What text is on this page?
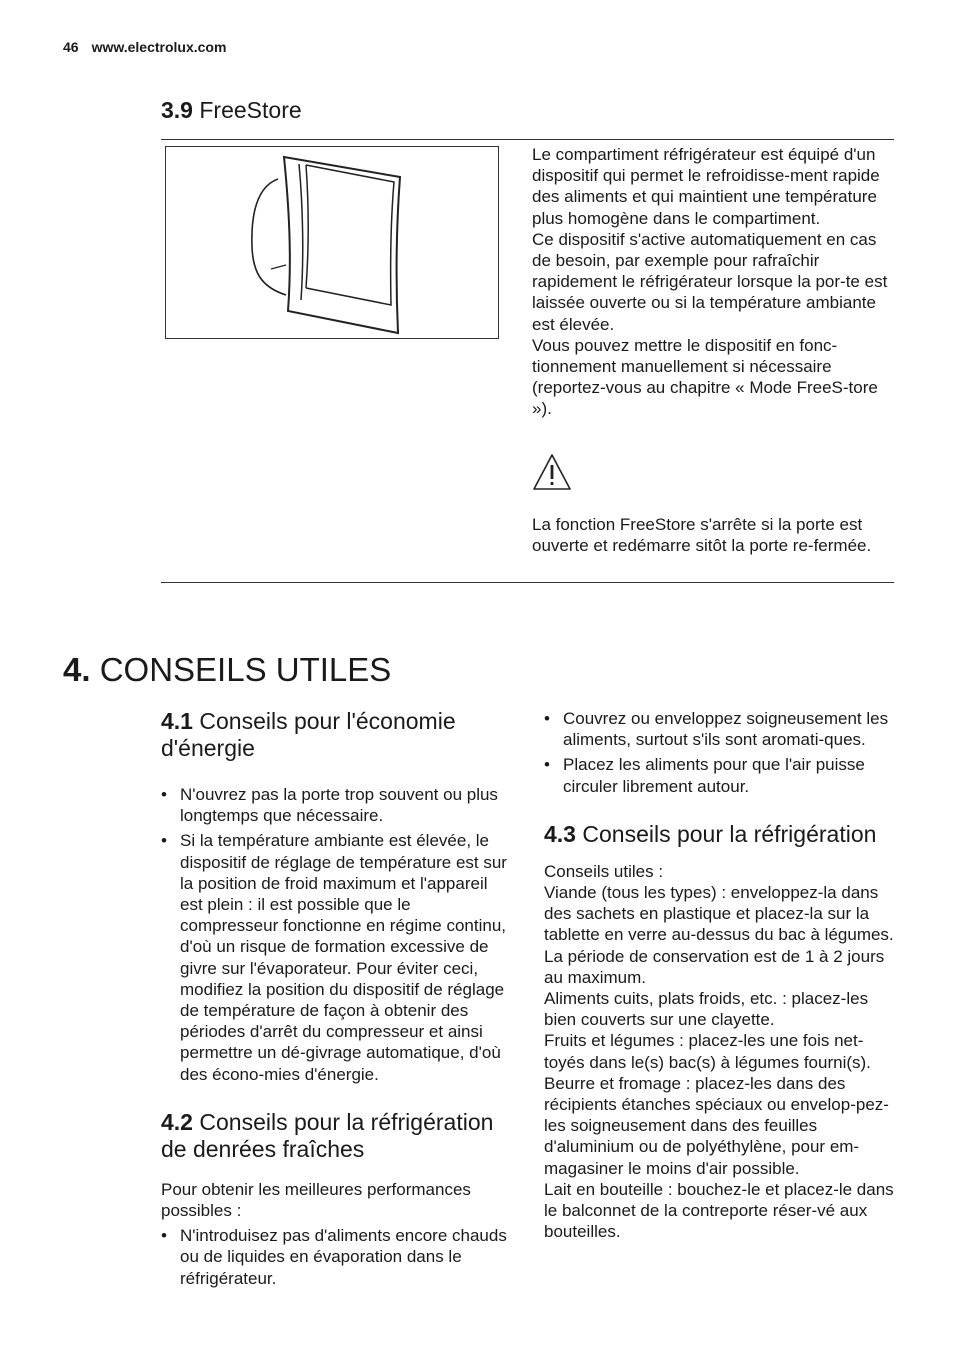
46 www.electrolux.com
3.9 FreeStore

Le compartiment réfrigérateur est équipé d'un dispositif qui permet le refroidisse-ment rapide des aliments et qui maintient une température plus homogène dans le compartiment.

Ce dispositif s'active automatiquement en cas de besoin, par exemple pour rafraîchir rapidement le réfrigérateur lorsque la por-te est laissée ouverte ou si la température ambiante est élevée.

Vous pouvez mettre le dispositif en fonc-tionnement manuellement si nécessaire (reportez-vous au chapitre « Mode FreeS-tore »).

La fonction FreeStore s'arrête si la porte est ouverte et redémarre sitôt la porte re-fermée.

4. CONSEILS UTILES
4.1 Conseils pour l'économie d'énergie
• N'ouvrez pas la porte trop souvent ou plus longtemps que nécessaire.
• Si la température ambiante est élevée, le dispositif de réglage de température est sur la position de froid maximum et l'appareil est plein : il est possible que le compresseur fonctionne en régime continu, d'où un risque de formation excessive de givre sur l'évaporateur. Pour éviter ceci, modifiez la position du dispositif de réglage de température de façon à obtenir des périodes d'arrêt du compresseur et ainsi permettre un dé-givrage automatique, d'où des écono-mies d'énergie.
4.2 Conseils pour la réfrigération de denrées fraîches
Pour obtenir les meilleures performances possibles :
• N'introduisez pas d'aliments encore chauds ou de liquides en évaporation dans le réfrigérateur.
• Couvrez ou enveloppez soigneusement les aliments, surtout s'ils sont aromati-ques.
• Placez les aliments pour que l'air puisse circuler librement autour.
4.3 Conseils pour la réfrigération

Conseils utiles :

Viande (tous les types) : enveloppez-la dans des sachets en plastique et placez-la sur la tablette en verre au-dessus du bac à légumes.

La période de conservation est de 1 à 2 jours au maximum.

Aliments cuits, plats froids, etc. : placez-les bien couverts sur une clayette.

Fruits et légumes : placez-les une fois net-toyés dans le(s) bac(s) à légumes fourni(s).

Beurre et fromage : placez-les dans des récipients étanches spéciaux ou envelop-pez-les soigneusement dans des feuilles d'aluminium ou de polyéthylène, pour em-magasiner le moins d'air possible.

Lait en bouteille : bouchez-le et placez-le dans le balconnet de la contreporte réser-vé aux bouteilles.
